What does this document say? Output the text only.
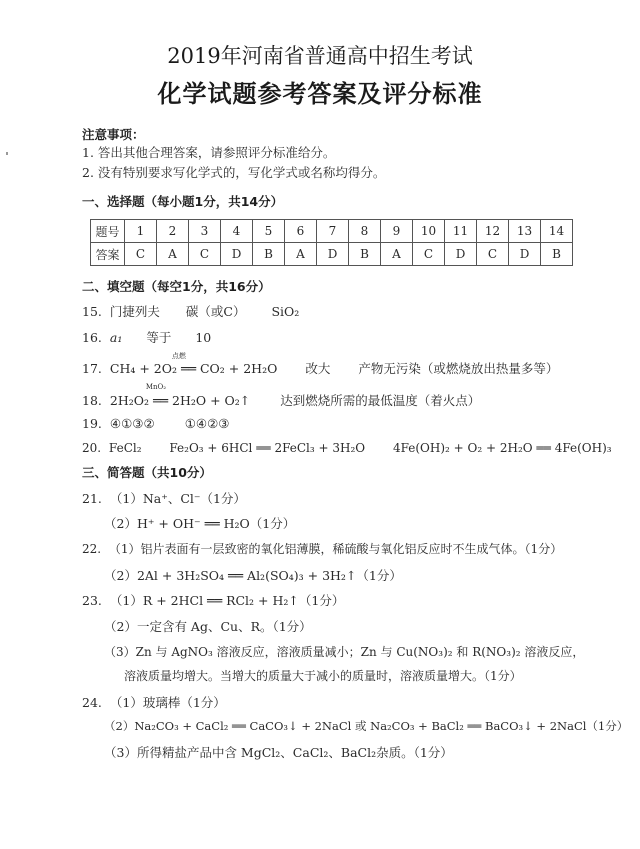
2019年河南省普通高中招生考试
化学试题参考答案及评分标准
注意事项：
1. 答出其他合理答案，请参照评分标准给分。
2. 没有特别要求写化学式的，写化学式或名称均得分。
一、选择题（每小题1分，共14分）
题号	1	2	3	4	5	6	7	8	9	10	11	12	13	14
答案	C	A	C	D	B	A	D	B	A	C	D	C	D	B
二、填空题（每空1分，共16分）
15. 门捷列夫 碳（或C） SiO₂
16. a₁ 等于 10
17. CH₄ + 2O₂ ══ CO₂ + 2H₂O
点燃
改大 产物无污染（或燃烧放出热量多等）
18. 2H₂O₂ ══ 2H₂O + O₂↑
MnO₂
达到燃烧所需的最低温度（着火点）
19. ④①③② ①④②③
20. FeCl₂ Fe₂O₃ + 6HCl ══ 2FeCl₃ + 3H₂O 4Fe(OH)₂ + O₂ + 2H₂O ══ 4Fe(OH)₃
三、简答题（共10分）
21. （1）Na⁺、Cl⁻（1分）
（2）H⁺ + OH⁻ ══ H₂O（1分）
22. （1）铝片表面有一层致密的氧化铝薄膜，稀硫酸与氧化铝反应时不生成气体。（1分）
（2）2Al + 3H₂SO₄ ══ Al₂(SO₄)₃ + 3H₂↑（1分）
23. （1）R + 2HCl ══ RCl₂ + H₂↑（1分）
（2）一定含有 Ag、Cu、R。（1分）
（3）Zn 与 AgNO₃ 溶液反应，溶液质量减小；Zn 与 Cu(NO₃)₂ 和 R(NO₃)₂ 溶液反应，
溶液质量均增大。当增大的质量大于减小的质量时，溶液质量增大。（1分）
24. （1）玻璃棒（1分）
（2）Na₂CO₃ + CaCl₂ ══ CaCO₃↓ + 2NaCl 或 Na₂CO₃ + BaCl₂ ══ BaCO₃↓ + 2NaCl（1分）
（3）所得精盐产品中含 MgCl₂、CaCl₂、BaCl₂杂质。（1分）
